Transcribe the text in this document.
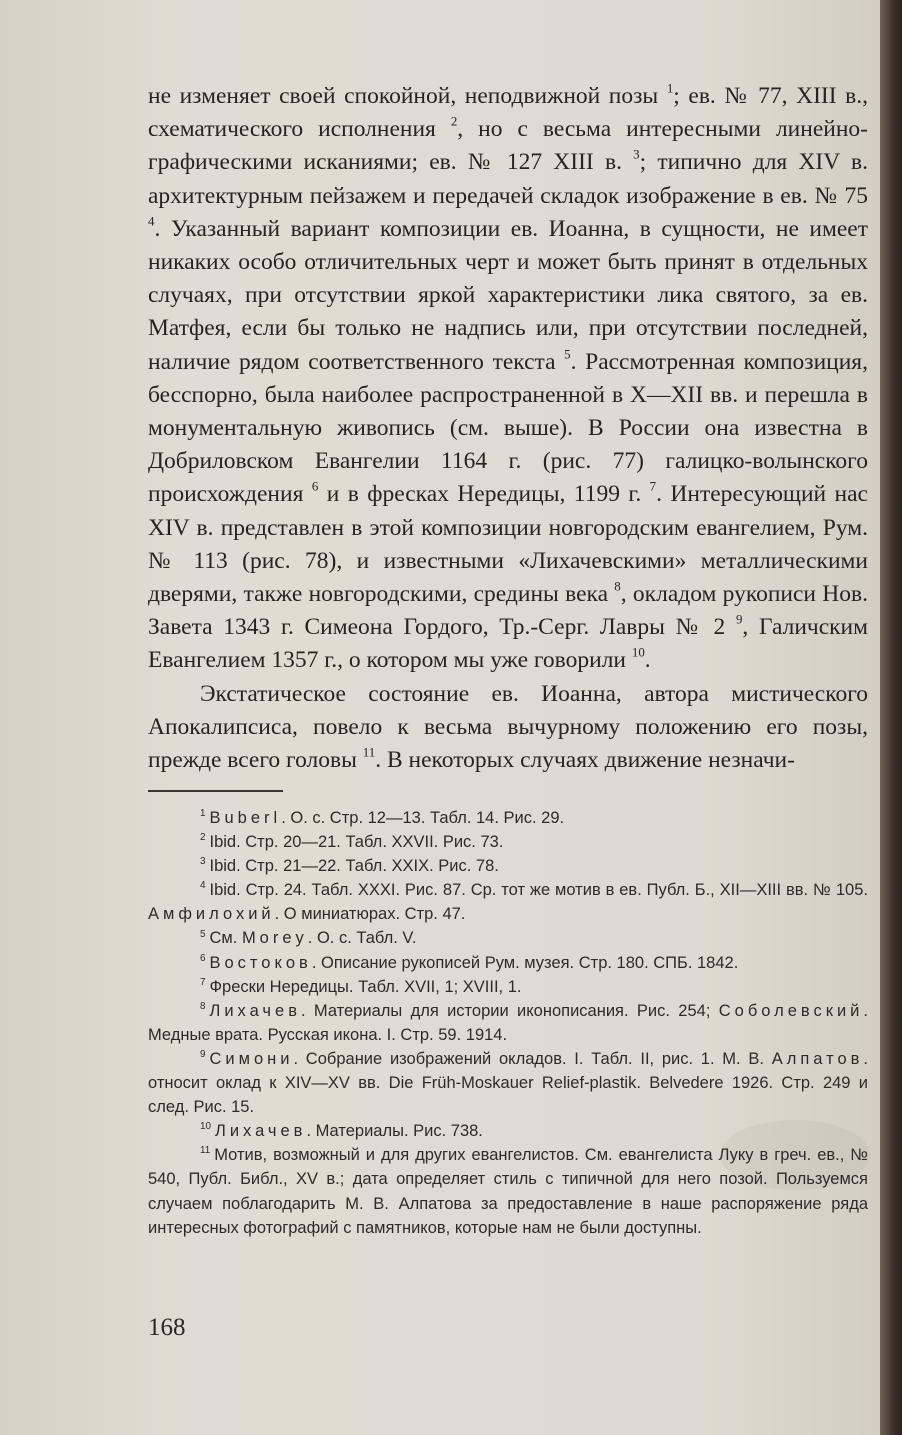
не изменяет своей спокойной, неподвижной позы $^1$; ев. № 77, XIII в., схематического исполнения $^2$, но с весьма интересными линейно-графическими исканиями; ев. № 127 XIII в. $^3$; типично для XIV в. архитектурным пейзажем и передачей складок изображение в ев. № 75 $^4$. Указанный вариант композиции ев. Иоанна, в сущности, не имеет никаких особо отличительных черт и может быть принят в отдельных случаях, при отсутствии яркой характеристики лика святого, за ев. Матфея, если бы только не надпись или, при отсутствии последней, наличие рядом соответственного текста $^5$. Рассмотренная композиция, бесспорно, была наиболее распространенной в X—XII вв. и перешла в монументальную живопись (см. выше). В России она известна в Добриловском Евангелии 1164 г. (рис. 77) галицко-волынского происхождения $^6$ и в фресках Нередицы, 1199 г. $^7$. Интересующий нас XIV в. представлен в этой композиции новгородским евангелием, Рум. № 113 (рис. 78), и известными «Лихачевскими» металлическими дверями, также новгородскими, средины века $^8$, окладом рукописи Нов. Завета 1343 г. Симеона Гордого, Тр.-Серг. Лавры № 2 $^9$, Галичским Евангелием 1357 г., о котором мы уже говорили $^{10}$.

Экстатическое состояние ев. Иоанна, автора мистического Апокалипсиса, повело к весьма вычурному положению его позы, прежде всего головы $^{11}$. В некоторых случаях движение незначи-

$^1$ Buberl. О. с. Стр. 12—13. Табл. 14. Рис. 29.

$^2$ Ibid. Стр. 20—21. Табл. XXVII. Рис. 73.

$^3$ Ibid. Стр. 21—22. Табл. XXIX. Рис. 78.

$^4$ Ibid. Стр. 24. Табл. XXXI. Рис. 87. Ср. тот же мотив в ев. Публ. Б., XII—XIII вв. № 105. Амфилохий. О миниатюрах. Стр. 47.

$^5$ См. Morey. О. с. Табл. V.

$^6$ Востоков. Описание рукописей Рум. музея. Стр. 180. СПБ. 1842.

$^7$ Фрески Нередицы. Табл. XVII, 1; XVIII, 1.

$^8$ Лихачев. Материалы для истории иконописания. Рис. 254; Соболевский. Медные врата. Русская икона. I. Стр. 59. 1914.

$^9$ Симони. Собрание изображений окладов. I. Табл. II, рис. 1. М. В. Алпатов. относит оклад к XIV—XV вв. Die Früh-Moskauer Relief-plastik. Belvedere 1926. Стр. 249 и след. Рис. 15.

$^{10}$ Лихачев. Материалы. Рис. 738.

$^{11}$ Мотив, возможный и для других евангелистов. См. евангелиста Луку в греч. ев., № 540, Публ. Библ., XV в.; дата определяет стиль с типичной для него позой. Пользуемся случаем поблагодарить М. В. Алпатова за предоставление в наше распоряжение ряда интересных фотографий с памятников, которые нам не были доступны.

168
